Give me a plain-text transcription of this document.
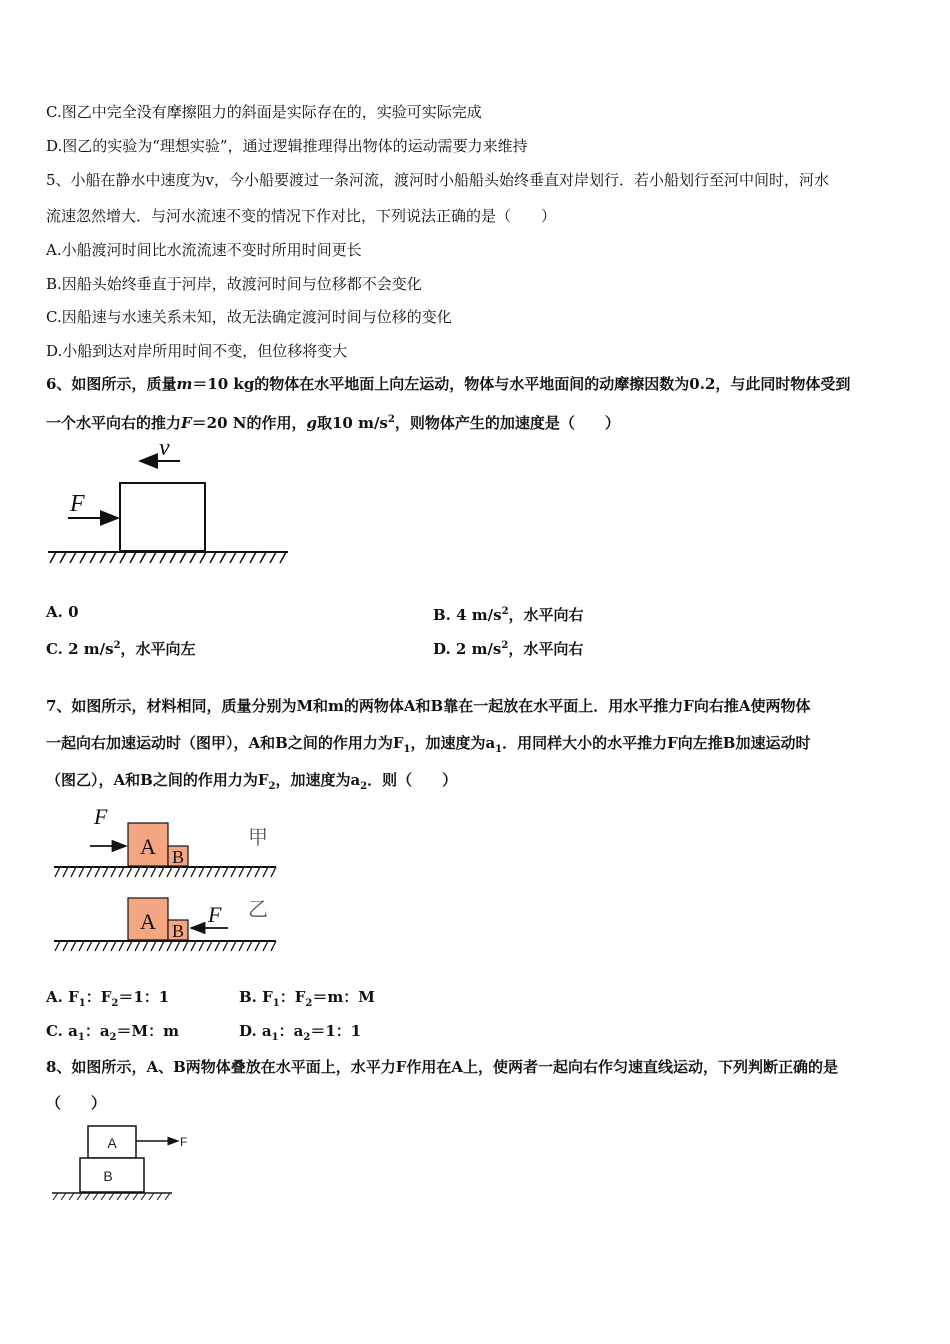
C.图乙中完全没有摩擦阻力的斜面是实际存在的，实验可实际完成
D.图乙的实验为“理想实验”，通过逻辑推理得出物体的运动需要力来维持
5、小船在静水中速度为v，今小船要渡过一条河流，渡河时小船船头始终垂直对岸划行．若小船划行至河中间时，河水
流速忽然增大．与河水流速不变的情况下作对比，下列说法正确的是（　　）
A.小船渡河时间比水流流速不变时所用时间更长
B.因船头始终垂直于河岸，故渡河时间与位移都不会变化
C.因船速与水速关系未知，故无法确定渡河时间与位移的变化
D.小船到达对岸所用时间不变，但位移将变大
6、如图所示，质量m＝10 kg的物体在水平地面上向左运动，物体与水平地面间的动摩擦因数为0.2，与此同时物体受到
一个水平向右的推力F＝20 N的作用，g取10 $m/s^2$，则物体产生的加速度是（　　）
v
F
A. 0	B. 4 $m/s^2$，水平向右
C. 2 $m/s^2$，水平向左	D. 2 $m/s^2$，水平向右
7、如图所示，材料相同，质量分别为M和m的两物体A和B靠在一起放在水平面上．用水平推力F向右推A使两物体
一起向右加速运动时（图甲），A和B之间的作用力为$F_1$，加速度为$a_1$．用同样大小的水平推力F向左推B加速运动时
（图乙），A和B之间的作用力为$F_2$，加速度为$a_2$．则（　　）
F
A B
甲
A B
F 乙
A. $F_1$：$F_2=1$：1	B. $F_1$：$F_2=m$：M
C. $a_1$：$a_2=M$：m	D. $a_1$：$a_2=1$：1
8、如图所示，A、B两物体叠放在水平面上，水平力F作用在A上，使两者一起向右作匀速直线运动，下列判断正确的是
（　　）
A	F
B
